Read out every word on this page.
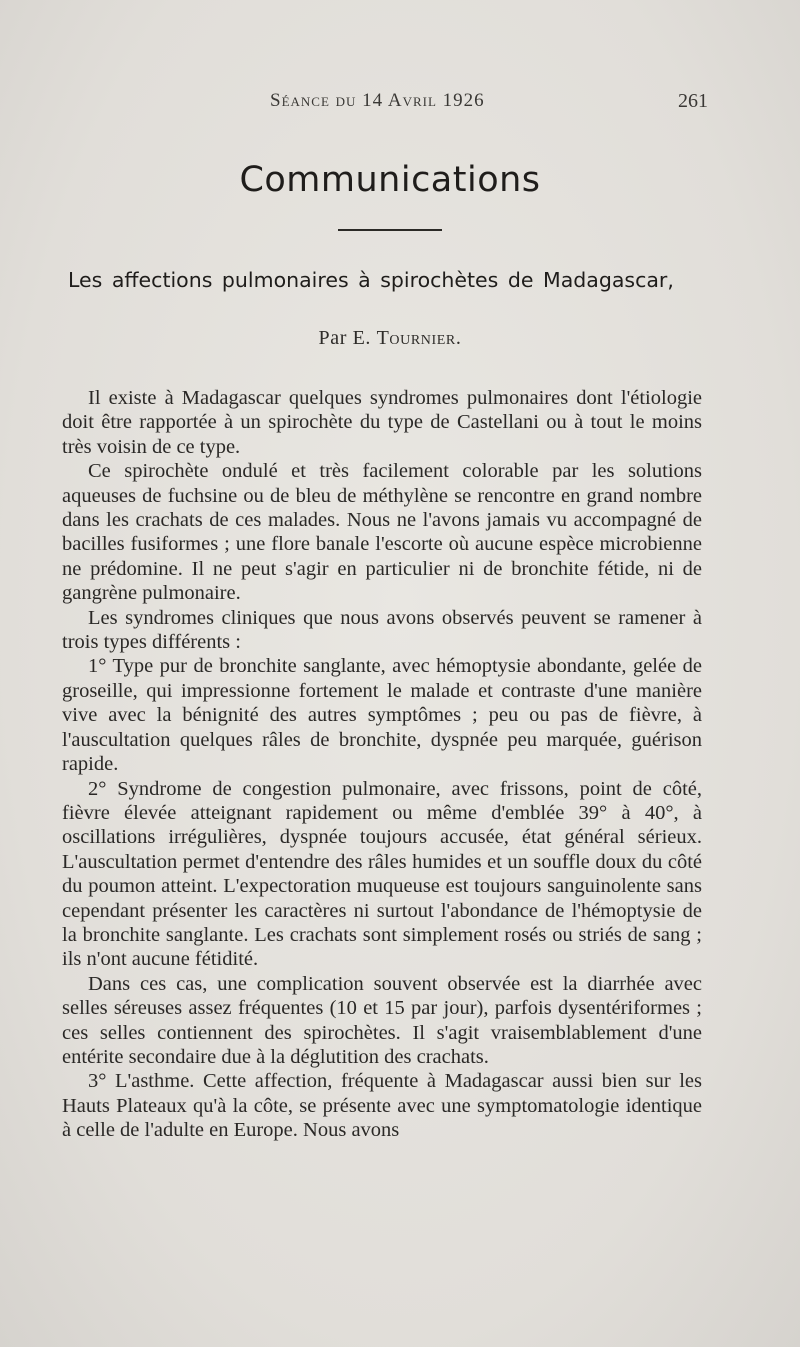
Séance du 14 Avril 1926	261
Communications
Les affections pulmonaires à spirochètes de Madagascar,
Par E. Tournier.

Il existe à Madagascar quelques syndromes pulmonaires dont l'étiologie doit être rapportée à un spirochète du type de Castellani ou à tout le moins très voisin de ce type.

Ce spirochète ondulé et très facilement colorable par les solutions aqueuses de fuchsine ou de bleu de méthylène se rencontre en grand nombre dans les crachats de ces malades. Nous ne l'avons jamais vu accompagné de bacilles fusiformes ; une flore banale l'escorte où aucune espèce microbienne ne prédomine. Il ne peut s'agir en particulier ni de bronchite fétide, ni de gangrène pulmonaire.

Les syndromes cliniques que nous avons observés peuvent se ramener à trois types différents :

1° Type pur de bronchite sanglante, avec hémoptysie abondante, gelée de groseille, qui impressionne fortement le malade et contraste d'une manière vive avec la bénignité des autres symptômes ; peu ou pas de fièvre, à l'auscultation quelques râles de bronchite, dyspnée peu marquée, guérison rapide.

2° Syndrome de congestion pulmonaire, avec frissons, point de côté, fièvre élevée atteignant rapidement ou même d'emblée 39° à 40°, à oscillations irrégulières, dyspnée toujours accusée, état général sérieux. L'auscultation permet d'entendre des râles humides et un souffle doux du côté du poumon atteint. L'expectoration muqueuse est toujours sanguinolente sans cependant présenter les caractères ni surtout l'abondance de l'hémoptysie de la bronchite sanglante. Les crachats sont simplement rosés ou striés de sang ; ils n'ont aucune fétidité.

Dans ces cas, une complication souvent observée est la diarrhée avec selles séreuses assez fréquentes (10 et 15 par jour), parfois dysentériformes ; ces selles contiennent des spirochètes. Il s'agit vraisemblablement d'une entérite secondaire due à la déglutition des crachats.

3° L'asthme. Cette affection, fréquente à Madagascar aussi bien sur les Hauts Plateaux qu'à la côte, se présente avec une symptomatologie identique à celle de l'adulte en Europe. Nous avons
